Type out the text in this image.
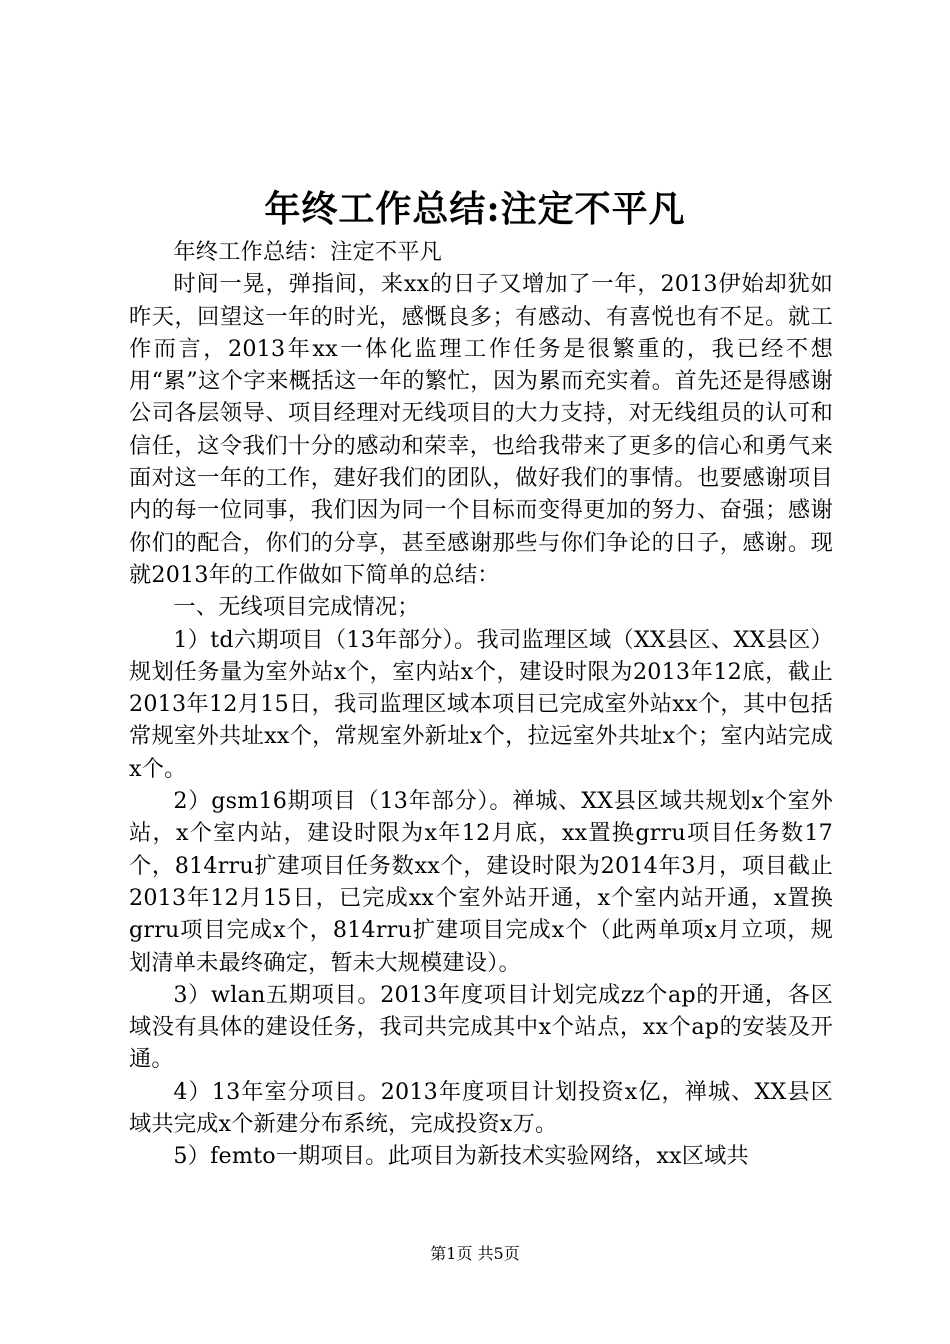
年终工作总结:注定不平凡

年终工作总结：注定不平凡

时间一晃，弹指间，来xx的日子又增加了一年，2013伊始却犹如昨天，回望这一年的时光，感慨良多；有感动、有喜悦也有不足。就工作而言，2013年xx一体化监理工作任务是很繁重的，我已经不想用“累”这个字来概括这一年的繁忙，因为累而充实着。首先还是得感谢公司各层领导、项目经理对无线项目的大力支持，对无线组员的认可和信任，这令我们十分的感动和荣幸，也给我带来了更多的信心和勇气来面对这一年的工作，建好我们的团队，做好我们的事情。也要感谢项目内的每一位同事，我们因为同一个目标而变得更加的努力、奋强；感谢你们的配合，你们的分享，甚至感谢那些与你们争论的日子，感谢。现就2013年的工作做如下简单的总结：

一、无线项目完成情况；

1）td六期项目（13年部分）。我司监理区域（XX县区、XX县区）规划任务量为室外站x个，室内站x个，建设时限为2013年12底，截止2013年12月15日，我司监理区域本项目已完成室外站xx个，其中包括常规室外共址xx个，常规室外新址x个，拉远室外共址x个；室内站完成x个。

2）gsm16期项目（13年部分）。禅城、XX县区域共规划x个室外站，x个室内站，建设时限为x年12月底，xx置换grru项目任务数17个，814rru扩建项目任务数xx个，建设时限为2014年3月，项目截止2013年12月15日，已完成xx个室外站开通，x个室内站开通，x置换grru项目完成x个，814rru扩建项目完成x个（此两单项x月立项，规划清单未最终确定，暂未大规模建设）。

3）wlan五期项目。2013年度项目计划完成zz个ap的开通，各区域没有具体的建设任务，我司共完成其中x个站点，xx个ap的安装及开通。

4）13年室分项目。2013年度项目计划投资x亿，禅城、XX县区域共完成x个新建分布系统，完成投资x万。

5）femto一期项目。此项目为新技术实验网络，xx区域共

第1页 共5页
